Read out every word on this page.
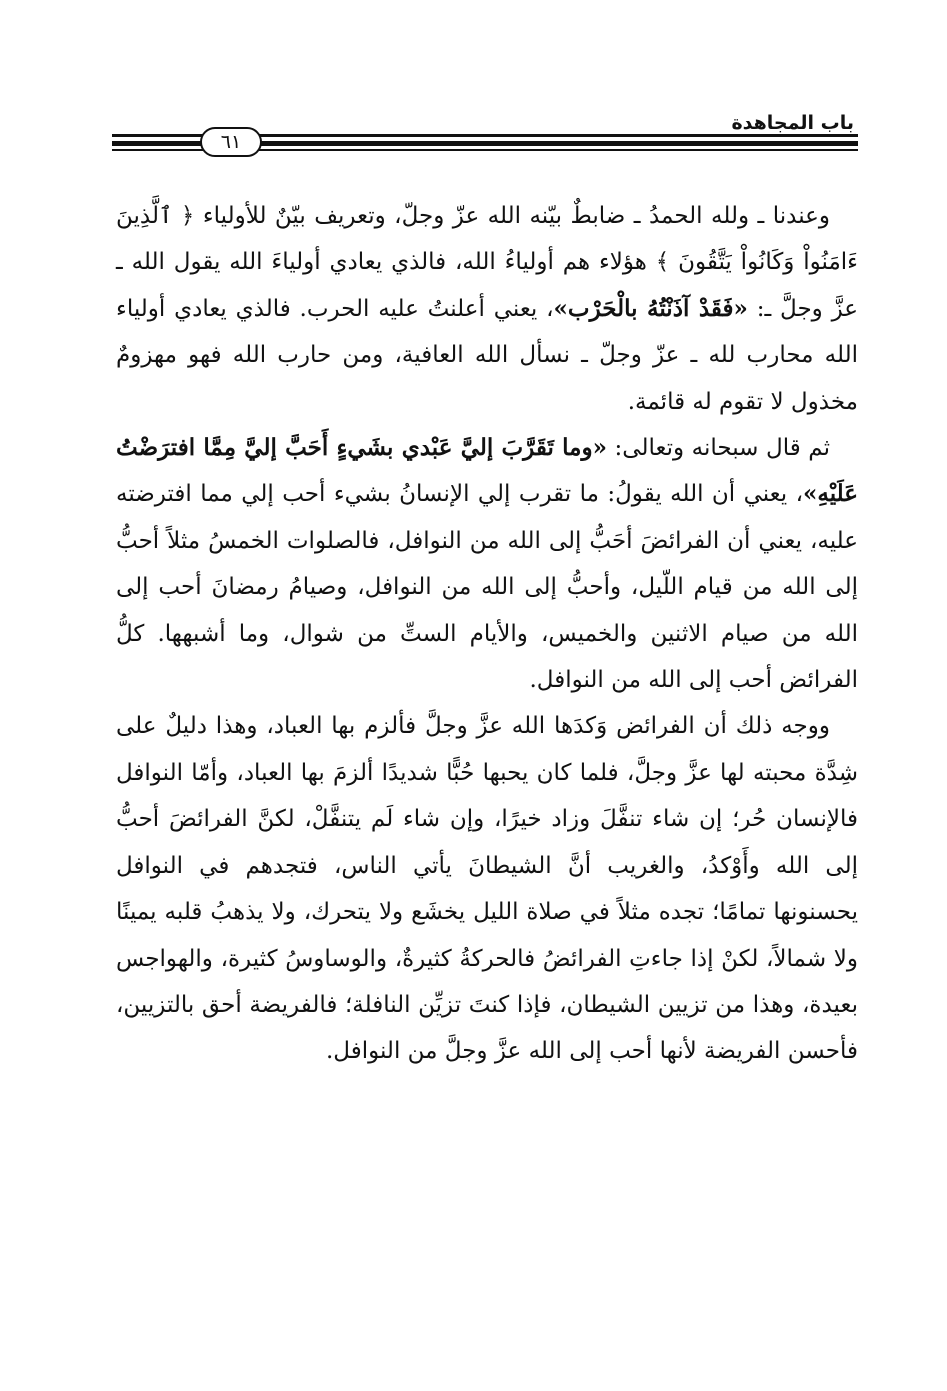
باب المجاهدة
٦١

وعندنا ـ ولله الحمدُ ـ ضابطٌ بيّنه الله عزّ وجلّ، وتعريف بيّنٌ للأولياء ﴿ ٱلَّذِينَ ءَامَنُواْ وَكَانُواْ يَتَّقُونَ ﴾ هؤلاء هم أولياءُ الله، فالذي يعادي أولياءَ الله يقول الله ـ عزَّ وجلَّ ـ: «فَقَدْ آذَنْتُهُ بالْحَرْب»، يعني أعلنتُ عليه الحرب. فالذي يعادي أولياء الله محارب لله ـ عزّ وجلّ ـ نسأل الله العافية، ومن حارب الله فهو مهزومٌ مخذول لا تقوم له قائمة.

ثم قال سبحانه وتعالى: «وما تَقَرَّبَ إليَّ عَبْدي بشَيءٍ أَحَبَّ إليَّ مِمَّا افترَضْتُ عَلَيْهِ»، يعني أن الله يقولُ: ما تقرب إلي الإنسانُ بشيء أحب إلي مما افترضته عليه، يعني أن الفرائضَ أحَبُّ إلى الله من النوافل، فالصلوات الخمسُ مثلاً أحبُّ إلى الله من قيام اللّيل، وأحبُّ إلى الله من النوافل، وصيامُ رمضانَ أحب إلى الله من صيام الاثنين والخميس، والأيام الستِّ من شوال، وما أشبهها. كلُّ الفرائض أحب إلى الله من النوافل.

ووجه ذلك أن الفرائض وَكدَها الله عزَّ وجلَّ فألزم بها العباد، وهذا دليلٌ على شِدَّة محبته لها عزَّ وجلَّ، فلما كان يحبها حُبًّا شديدًا ألزمَ بها العباد، وأمّا النوافل فالإنسان حُر؛ إن شاء تنفَّلَ وزاد خيرًا، وإن شاء لَم يتنفَّلْ، لكنَّ الفرائضَ أحبُّ إلى الله وأَوْكدُ، والغريب أنَّ الشيطانَ يأتي الناس، فتجدهم في النوافل يحسنونها تمامًا؛ تجده مثلاً في صلاة الليل يخشَع ولا يتحرك، ولا يذهبُ قلبه يمينًا ولا شمالاً، لكنْ إذا جاءتِ الفرائضُ فالحركةُ كثيرةٌ، والوساوسُ كثيرة، والهواجس بعيدة، وهذا من تزيين الشيطان، فإذا كنتَ تزيِّن النافلة؛ فالفريضة أحق بالتزيين، فأحسن الفريضة لأنها أحب إلى الله عزَّ وجلَّ من النوافل.
